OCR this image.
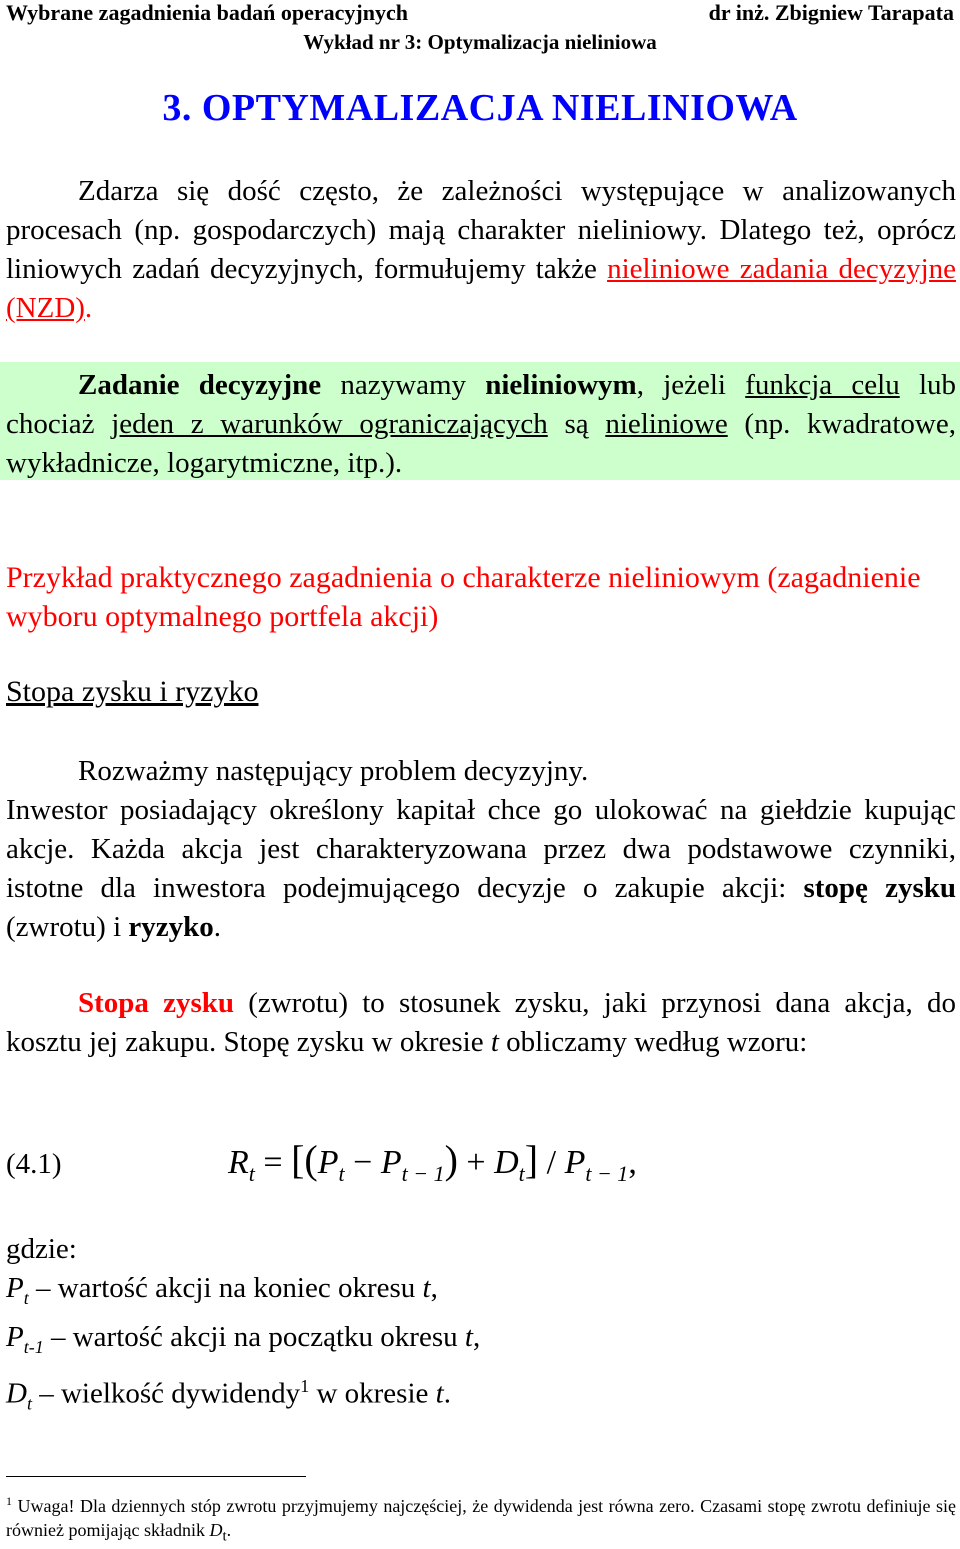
Wybrane zagadnienia badań operacyjnych	dr inż. Zbigniew Tarapata
Wykład nr 3: Optymalizacja nieliniowa
3. OPTYMALIZACJA NIELINIOWA

Zdarza się dość często, że zależności występujące w analizowanych procesach (np. gospodarczych) mają charakter nieliniowy. Dlatego też, oprócz liniowych zadań decyzyjnych, formułujemy także nieliniowe zadania decyzyjne (NZD).

Zadanie decyzyjne nazywamy nieliniowym, jeżeli funkcja celu lub chociaż jeden z warunków ograniczających są nieliniowe (np. kwadratowe, wykładnicze, logarytmiczne, itp.).

Przykład praktycznego zagadnienia o charakterze nieliniowym (zagadnienie wyboru optymalnego portfela akcji)
Stopa zysku i ryzyko

Rozważmy następujący problem decyzyjny.

Inwestor posiadający określony kapitał chce go ulokować na giełdzie kupując akcje. Każda akcja jest charakteryzowana przez dwa podstawowe czynniki, istotne dla inwestora podejmującego decyzje o zakupie akcji: stopę zysku (zwrotu) i ryzyko.

Stopa zysku (zwrotu) to stosunek zysku, jaki przynosi dana akcja, do kosztu jej zakupu. Stopę zysku w okresie t obliczamy według wzoru:

(4.1)	$R_t = [(P_t - P_{t - 1}) + D_t] / P_{t - 1}$,
gdzie:
$P_t$ – wartość akcji na koniec okresu t,
$P_{t-1}$ – wartość akcji na początku okresu t,
$D_t$ – wielkość dywidendy$^1$ w okresie t.
$^1$ Uwaga! Dla dziennych stóp zwrotu przyjmujemy najczęściej, że dywidenda jest równa zero. Czasami stopę zwrotu definiuje się również pomijając składnik $D_t$.
